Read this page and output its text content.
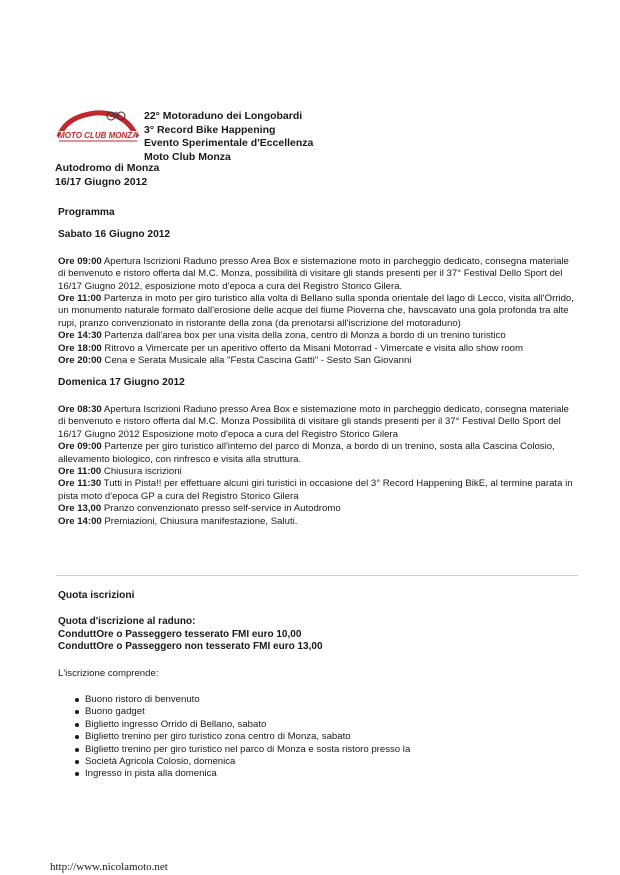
MOTO CLUB MONZA
22° Motoraduno dei Longobardi
3° Record Bike Happening
Evento Sperimentale d'Eccellenza
Moto Club Monza
Autodromo di Monza
16/17 Giugno 2012

Programma

Sabato 16 Giugno 2012

Ore 09:00 Apertura Iscrizioni Raduno presso Area Box e sistemazione moto in parcheggio dedicato, consegna materiale di benvenuto e ristoro offerta dal M.C. Monza, possibilità di visitare gli stands presenti per il 37° Festival Dello Sport del 16/17 Giugno 2012, esposizione moto d'epoca a cura del Registro Storico Gilera.

Ore 11:00 Partenza in moto per giro turistico alla volta di Bellano sulla sponda orientale del lago di Lecco, visita all'Orrido, un monumento naturale formato dall'erosione delle acque del fiume Pioverna che, havscavato una gola profonda tra alte rupi, pranzo convenzionato in ristorante della zona (da prenotarsi all'iscrizione del motoraduno)

Ore 14:30 Partenza dall'area box per una visita della zona, centro di Monza a bordo di un trenino turistico

Ore 18:00 Ritrovo a Vimercate per un aperitivo offerto da Misani Motorrad - Vimercate e visita allo show room

Ore 20:00 Cena e Serata Musicale alla "Festa Cascina Gatti" - Sesto San Giovanni

Domenica 17 Giugno 2012

Ore 08:30 Apertura Iscrizioni Raduno presso Area Box e sistemazione moto in parcheggio dedicato, consegna materiale di benvenuto e ristoro offerta dal M.C. Monza Possibilità di visitare gli stands presenti per il 37° Festival Dello Sport del 16/17 Giugno 2012 Esposizione moto d'epoca a cura del Registro Storico Gilera

Ore 09:00 Partenze per giro turistico all'interno del parco di Monza, a bordo di un trenino, sosta alla Cascina Colosio, allevamento biologico, con rinfresco e visita alla struttura.

Ore 11:00 Chiusura iscrizioni

Ore 11:30 Tutti in Pista!! per effettuare alcuni giri turistici in occasione del 3° Record Happening BikE, al termine parata in pista moto d'epoca GP a cura del Registro Storico Gilera

Ore 13,00 Pranzo convenzionato presso self-service in Autodromo

Ore 14:00 Premiazioni, Chiusura manifestazione, Saluti.

Quota iscrizioni

Quota d'iscrizione al raduno:
ConduttOre o Passeggero tesserato FMI euro 10,00
ConduttOre o Passeggero non tesserato FMI euro 13,00
L'iscrizione comprende:
Buono ristoro di benvenuto
Buono gadget
Biglietto ingresso Orrido di Bellano, sabato
Biglietto trenino per giro turistico zona centro di Monza, sabato
Biglietto trenino per giro turistico nel parco di Monza e sosta ristoro presso la
Società Agricola Colosio, domenica
Ingresso in pista alla domenica
http://www.nicolamoto.net
